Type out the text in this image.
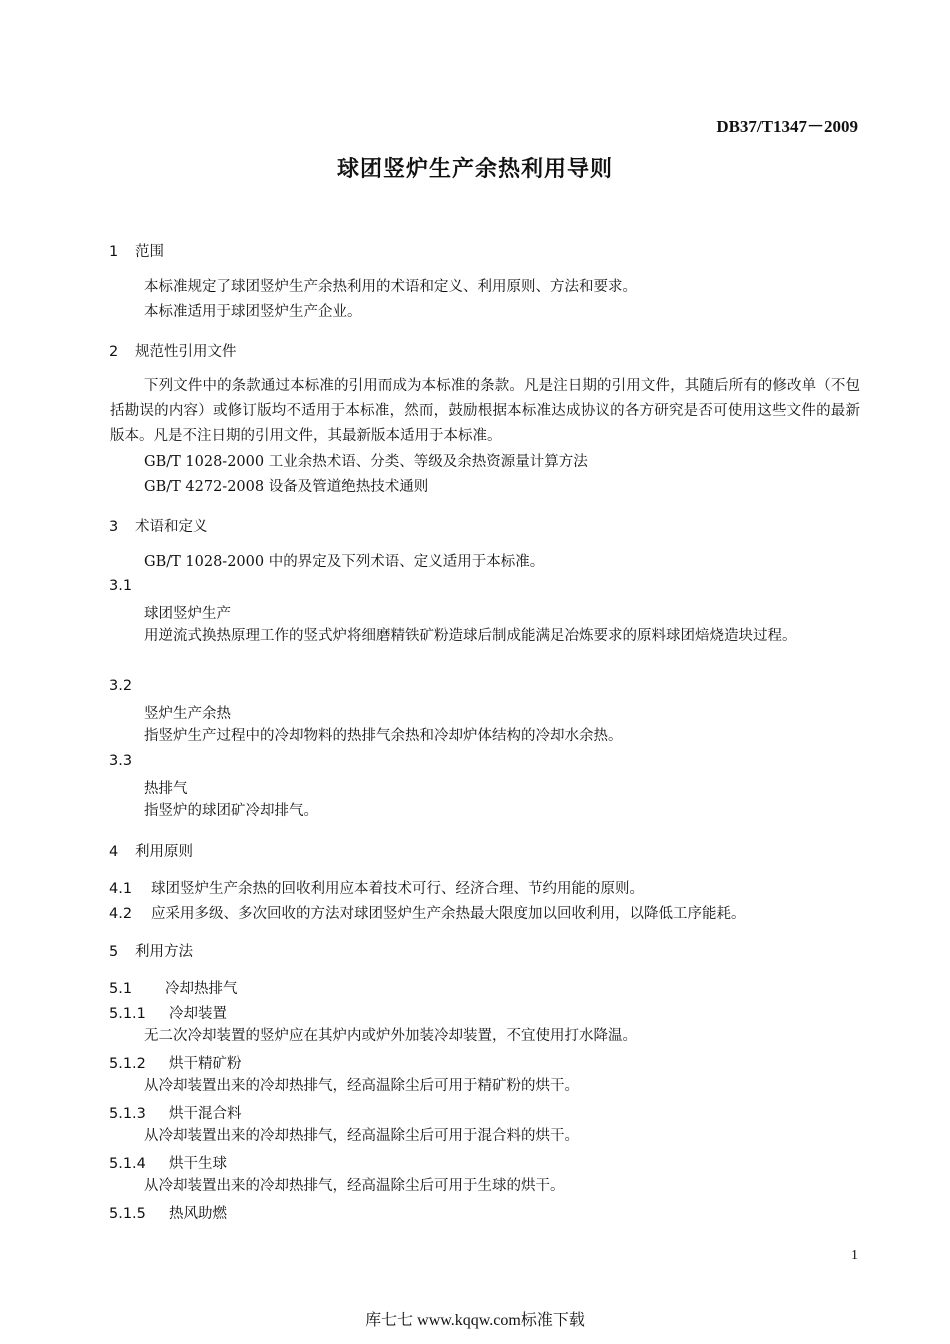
DB37/T1347－2009
球团竖炉生产余热利用导则
1 范围
本标准规定了球团竖炉生产余热利用的术语和定义、利用原则、方法和要求。
本标准适用于球团竖炉生产企业。
2 规范性引用文件
下列文件中的条款通过本标准的引用而成为本标准的条款。凡是注日期的引用文件，其随后所有的修改单（不包括勘误的内容）或修订版均不适用于本标准，然而，鼓励根据本标准达成协议的各方研究是否可使用这些文件的最新版本。凡是不注日期的引用文件，其最新版本适用于本标准。
GB/T 1028-2000 工业余热术语、分类、等级及余热资源量计算方法
GB/T 4272-2008 设备及管道绝热技术通则
3 术语和定义
GB/T 1028-2000 中的界定及下列术语、定义适用于本标准。
3.1
球团竖炉生产
用逆流式换热原理工作的竖式炉将细磨精铁矿粉造球后制成能满足冶炼要求的原料球团焙烧造块过程。
3.2
竖炉生产余热
指竖炉生产过程中的冷却物料的热排气余热和冷却炉体结构的冷却水余热。
3.3
热排气
指竖炉的球团矿冷却排气。
4 利用原则
4.1 球团竖炉生产余热的回收利用应本着技术可行、经济合理、节约用能的原则。
4.2 应采用多级、多次回收的方法对球团竖炉生产余热最大限度加以回收利用，以降低工序能耗。
5 利用方法
5.1 冷却热排气
5.1.1 冷却装置
无二次冷却装置的竖炉应在其炉内或炉外加装冷却装置，不宜使用打水降温。
5.1.2 烘干精矿粉
从冷却装置出来的冷却热排气，经高温除尘后可用于精矿粉的烘干。
5.1.3 烘干混合料
从冷却装置出来的冷却热排气，经高温除尘后可用于混合料的烘干。
5.1.4 烘干生球
从冷却装置出来的冷却热排气，经高温除尘后可用于生球的烘干。
5.1.5 热风助燃
1
库七七 www.kqqw.com标准下载
